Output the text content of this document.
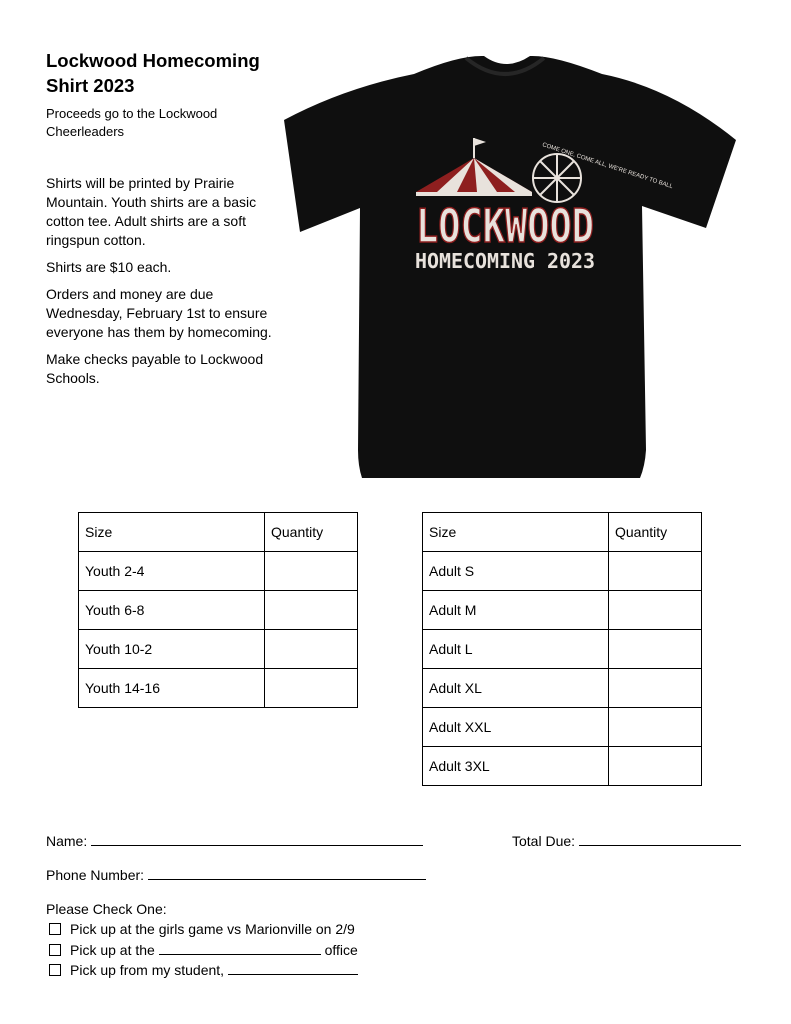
Lockwood Homecoming
Shirt 2023
Proceeds go to the Lockwood Cheerleaders

Shirts will be printed by Prairie Mountain. Youth shirts are a basic cotton tee. Adult shirts are a soft ringspun cotton.

Shirts are $10 each.

Orders and money are due Wednesday, February 1st to ensure everyone has them by homecoming.

Make checks payable to Lockwood Schools.

COME ONE, COME ALL, WE'RE READY TO BALL
LOCKWOOD
HOMECOMING 2023
Size	Quantity
Youth 2-4	
Youth 6-8	
Youth 10-2	
Youth 14-16	
Size	Quantity
Adult S	
Adult M	
Adult L	
Adult XL	
Adult XXL	
Adult 3XL	
Name:	Total Due:
Phone Number:
Please Check One:
Pick up at the girls game vs Marionville on 2/9
Pick up at the	office
Pick up from my student,
